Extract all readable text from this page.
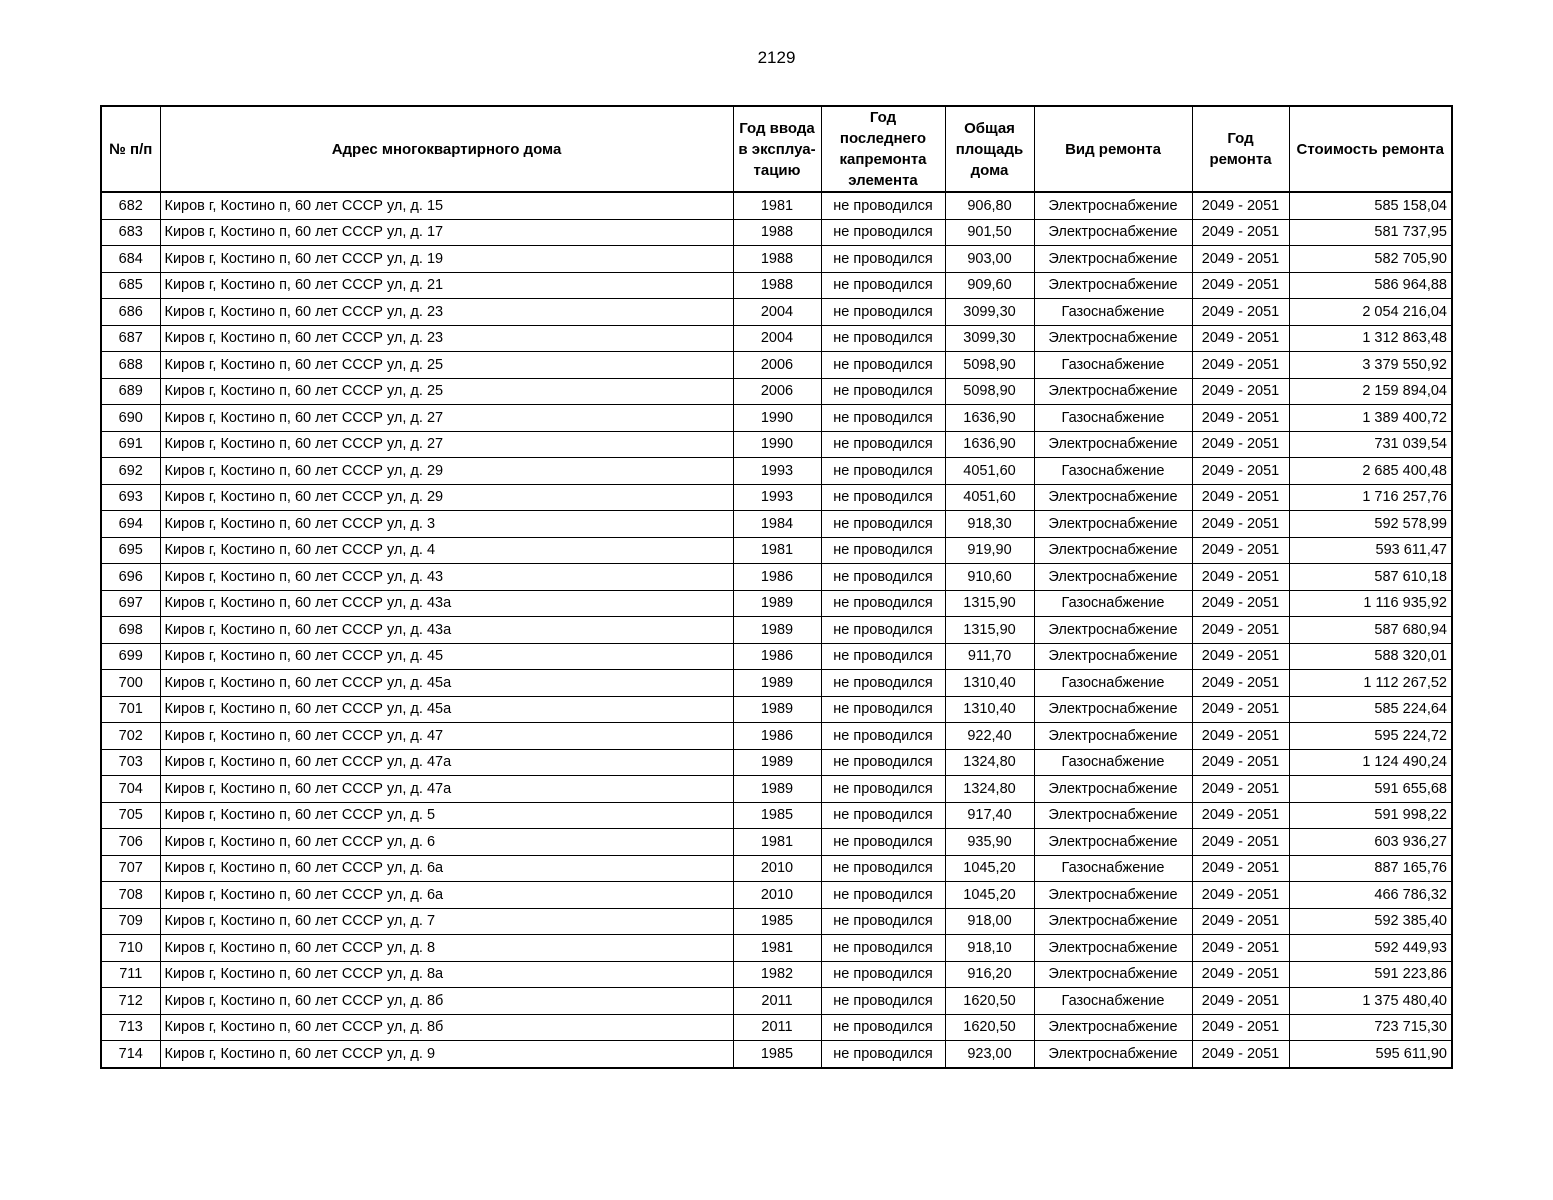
2129
№ п/п	Адрес многоквартирного дома	Год ввода в эксплуа-тацию	Год последнего капремонта элемента	Общая площадь дома	Вид ремонта	Год ремонта	Стоимость ремонта
682	Киров г, Костино п, 60 лет СССР ул, д. 15	1981	не проводился	906,80	Электроснабжение	2049 - 2051	585 158,04
683	Киров г, Костино п, 60 лет СССР ул, д. 17	1988	не проводился	901,50	Электроснабжение	2049 - 2051	581 737,95
684	Киров г, Костино п, 60 лет СССР ул, д. 19	1988	не проводился	903,00	Электроснабжение	2049 - 2051	582 705,90
685	Киров г, Костино п, 60 лет СССР ул, д. 21	1988	не проводился	909,60	Электроснабжение	2049 - 2051	586 964,88
686	Киров г, Костино п, 60 лет СССР ул, д. 23	2004	не проводился	3099,30	Газоснабжение	2049 - 2051	2 054 216,04
687	Киров г, Костино п, 60 лет СССР ул, д. 23	2004	не проводился	3099,30	Электроснабжение	2049 - 2051	1 312 863,48
688	Киров г, Костино п, 60 лет СССР ул, д. 25	2006	не проводился	5098,90	Газоснабжение	2049 - 2051	3 379 550,92
689	Киров г, Костино п, 60 лет СССР ул, д. 25	2006	не проводился	5098,90	Электроснабжение	2049 - 2051	2 159 894,04
690	Киров г, Костино п, 60 лет СССР ул, д. 27	1990	не проводился	1636,90	Газоснабжение	2049 - 2051	1 389 400,72
691	Киров г, Костино п, 60 лет СССР ул, д. 27	1990	не проводился	1636,90	Электроснабжение	2049 - 2051	731 039,54
692	Киров г, Костино п, 60 лет СССР ул, д. 29	1993	не проводился	4051,60	Газоснабжение	2049 - 2051	2 685 400,48
693	Киров г, Костино п, 60 лет СССР ул, д. 29	1993	не проводился	4051,60	Электроснабжение	2049 - 2051	1 716 257,76
694	Киров г, Костино п, 60 лет СССР ул, д. 3	1984	не проводился	918,30	Электроснабжение	2049 - 2051	592 578,99
695	Киров г, Костино п, 60 лет СССР ул, д. 4	1981	не проводился	919,90	Электроснабжение	2049 - 2051	593 611,47
696	Киров г, Костино п, 60 лет СССР ул, д. 43	1986	не проводился	910,60	Электроснабжение	2049 - 2051	587 610,18
697	Киров г, Костино п, 60 лет СССР ул, д. 43а	1989	не проводился	1315,90	Газоснабжение	2049 - 2051	1 116 935,92
698	Киров г, Костино п, 60 лет СССР ул, д. 43а	1989	не проводился	1315,90	Электроснабжение	2049 - 2051	587 680,94
699	Киров г, Костино п, 60 лет СССР ул, д. 45	1986	не проводился	911,70	Электроснабжение	2049 - 2051	588 320,01
700	Киров г, Костино п, 60 лет СССР ул, д. 45а	1989	не проводился	1310,40	Газоснабжение	2049 - 2051	1 112 267,52
701	Киров г, Костино п, 60 лет СССР ул, д. 45а	1989	не проводился	1310,40	Электроснабжение	2049 - 2051	585 224,64
702	Киров г, Костино п, 60 лет СССР ул, д. 47	1986	не проводился	922,40	Электроснабжение	2049 - 2051	595 224,72
703	Киров г, Костино п, 60 лет СССР ул, д. 47а	1989	не проводился	1324,80	Газоснабжение	2049 - 2051	1 124 490,24
704	Киров г, Костино п, 60 лет СССР ул, д. 47а	1989	не проводился	1324,80	Электроснабжение	2049 - 2051	591 655,68
705	Киров г, Костино п, 60 лет СССР ул, д. 5	1985	не проводился	917,40	Электроснабжение	2049 - 2051	591 998,22
706	Киров г, Костино п, 60 лет СССР ул, д. 6	1981	не проводился	935,90	Электроснабжение	2049 - 2051	603 936,27
707	Киров г, Костино п, 60 лет СССР ул, д. 6а	2010	не проводился	1045,20	Газоснабжение	2049 - 2051	887 165,76
708	Киров г, Костино п, 60 лет СССР ул, д. 6а	2010	не проводился	1045,20	Электроснабжение	2049 - 2051	466 786,32
709	Киров г, Костино п, 60 лет СССР ул, д. 7	1985	не проводился	918,00	Электроснабжение	2049 - 2051	592 385,40
710	Киров г, Костино п, 60 лет СССР ул, д. 8	1981	не проводился	918,10	Электроснабжение	2049 - 2051	592 449,93
711	Киров г, Костино п, 60 лет СССР ул, д. 8а	1982	не проводился	916,20	Электроснабжение	2049 - 2051	591 223,86
712	Киров г, Костино п, 60 лет СССР ул, д. 8б	2011	не проводился	1620,50	Газоснабжение	2049 - 2051	1 375 480,40
713	Киров г, Костино п, 60 лет СССР ул, д. 8б	2011	не проводился	1620,50	Электроснабжение	2049 - 2051	723 715,30
714	Киров г, Костино п, 60 лет СССР ул, д. 9	1985	не проводился	923,00	Электроснабжение	2049 - 2051	595 611,90
